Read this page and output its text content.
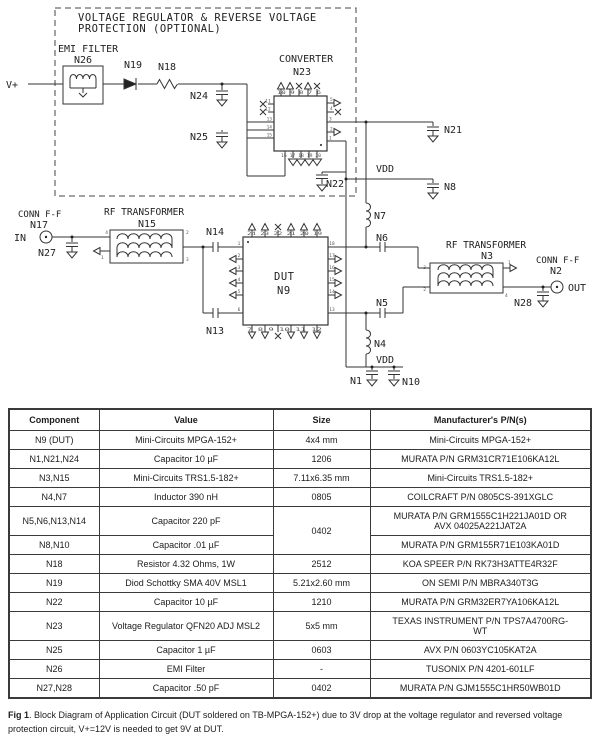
VOLTAGE REGULATOR & REVERSE VOLTAGE
PROTECTION (OPTIONAL)
EMI FILTER
N26
V+
N19 N18
N24
N25
CONVERTER
N23
N22
N21
VDD
N8
N7
N6
N5
N4
VDD
N1	N10
CONN F-F
N17
IN
N27
RF TRANSFORMER
N15
N14
N13
DUT
N9
RF TRANSFORMER
N3	CONN F-F
N2
OUT
N28
4	2
1	3
3
2
1
4
1
2
3
4
5
6
18
17
16
15
14
13
24 23 22 21 20 19
7 8 9 10 11 12
10 9 8 7 6
16 17 18 19 20
11
12
13
14
15
5
4
3
2
1
Component	Value	Size	Manufacturer's P/N(s)
N9 (DUT)	Mini-Circuits MPGA-152+	4x4 mm	Mini-Circuits MPGA-152+
N1,N21,N24	Capacitor 10 µF	1206	MURATA P/N GRM31CR71E106KA12L
N3,N15	Mini-Circuits TRS1.5-182+	7.11x6.35 mm	Mini-Circuits TRS1.5-182+
N4,N7	Inductor 390 nH	0805	COILCRAFT P/N 0805CS-391XGLC
N5,N6,N13,N14	Capacitor 220 pF	0402	MURATA P/N GRM1555C1H221JA01D OR
AVX 04025A221JAT2A
N8,N10	Capacitor .01 µF		MURATA P/N GRM155R71E103KA01D
N18	Resistor 4.32 Ohms, 1W	2512	KOA SPEER P/N RK73H3ATTE4R32F
N19	Diod Schottky SMA 40V MSL1	5.21x2.60 mm	ON SEMI P/N MBRA340T3G
N22	Capacitor 10 µF	1210	MURATA P/N GRM32ER7YA106KA12L
N23	Voltage Regulator QFN20 ADJ MSL2	5x5 mm	TEXAS INSTRUMENT P/N TPS7A4700RG-
WT
N25	Capacitor 1 µF	0603	AVX P/N 0603YC105KAT2A
N26	EMI Filter	-	TUSONIX P/N 4201-601LF
N27,N28	Capacitor .50 pF	0402	MURATA P/N GJM1555C1HR50WB01D

Fig 1. Block Diagram of Application Circuit (DUT soldered on TB-MPGA-152+) due to 3V drop at the voltage regulator and reversed voltage protection circuit, V+=12V is needed to get 9V at DUT.
